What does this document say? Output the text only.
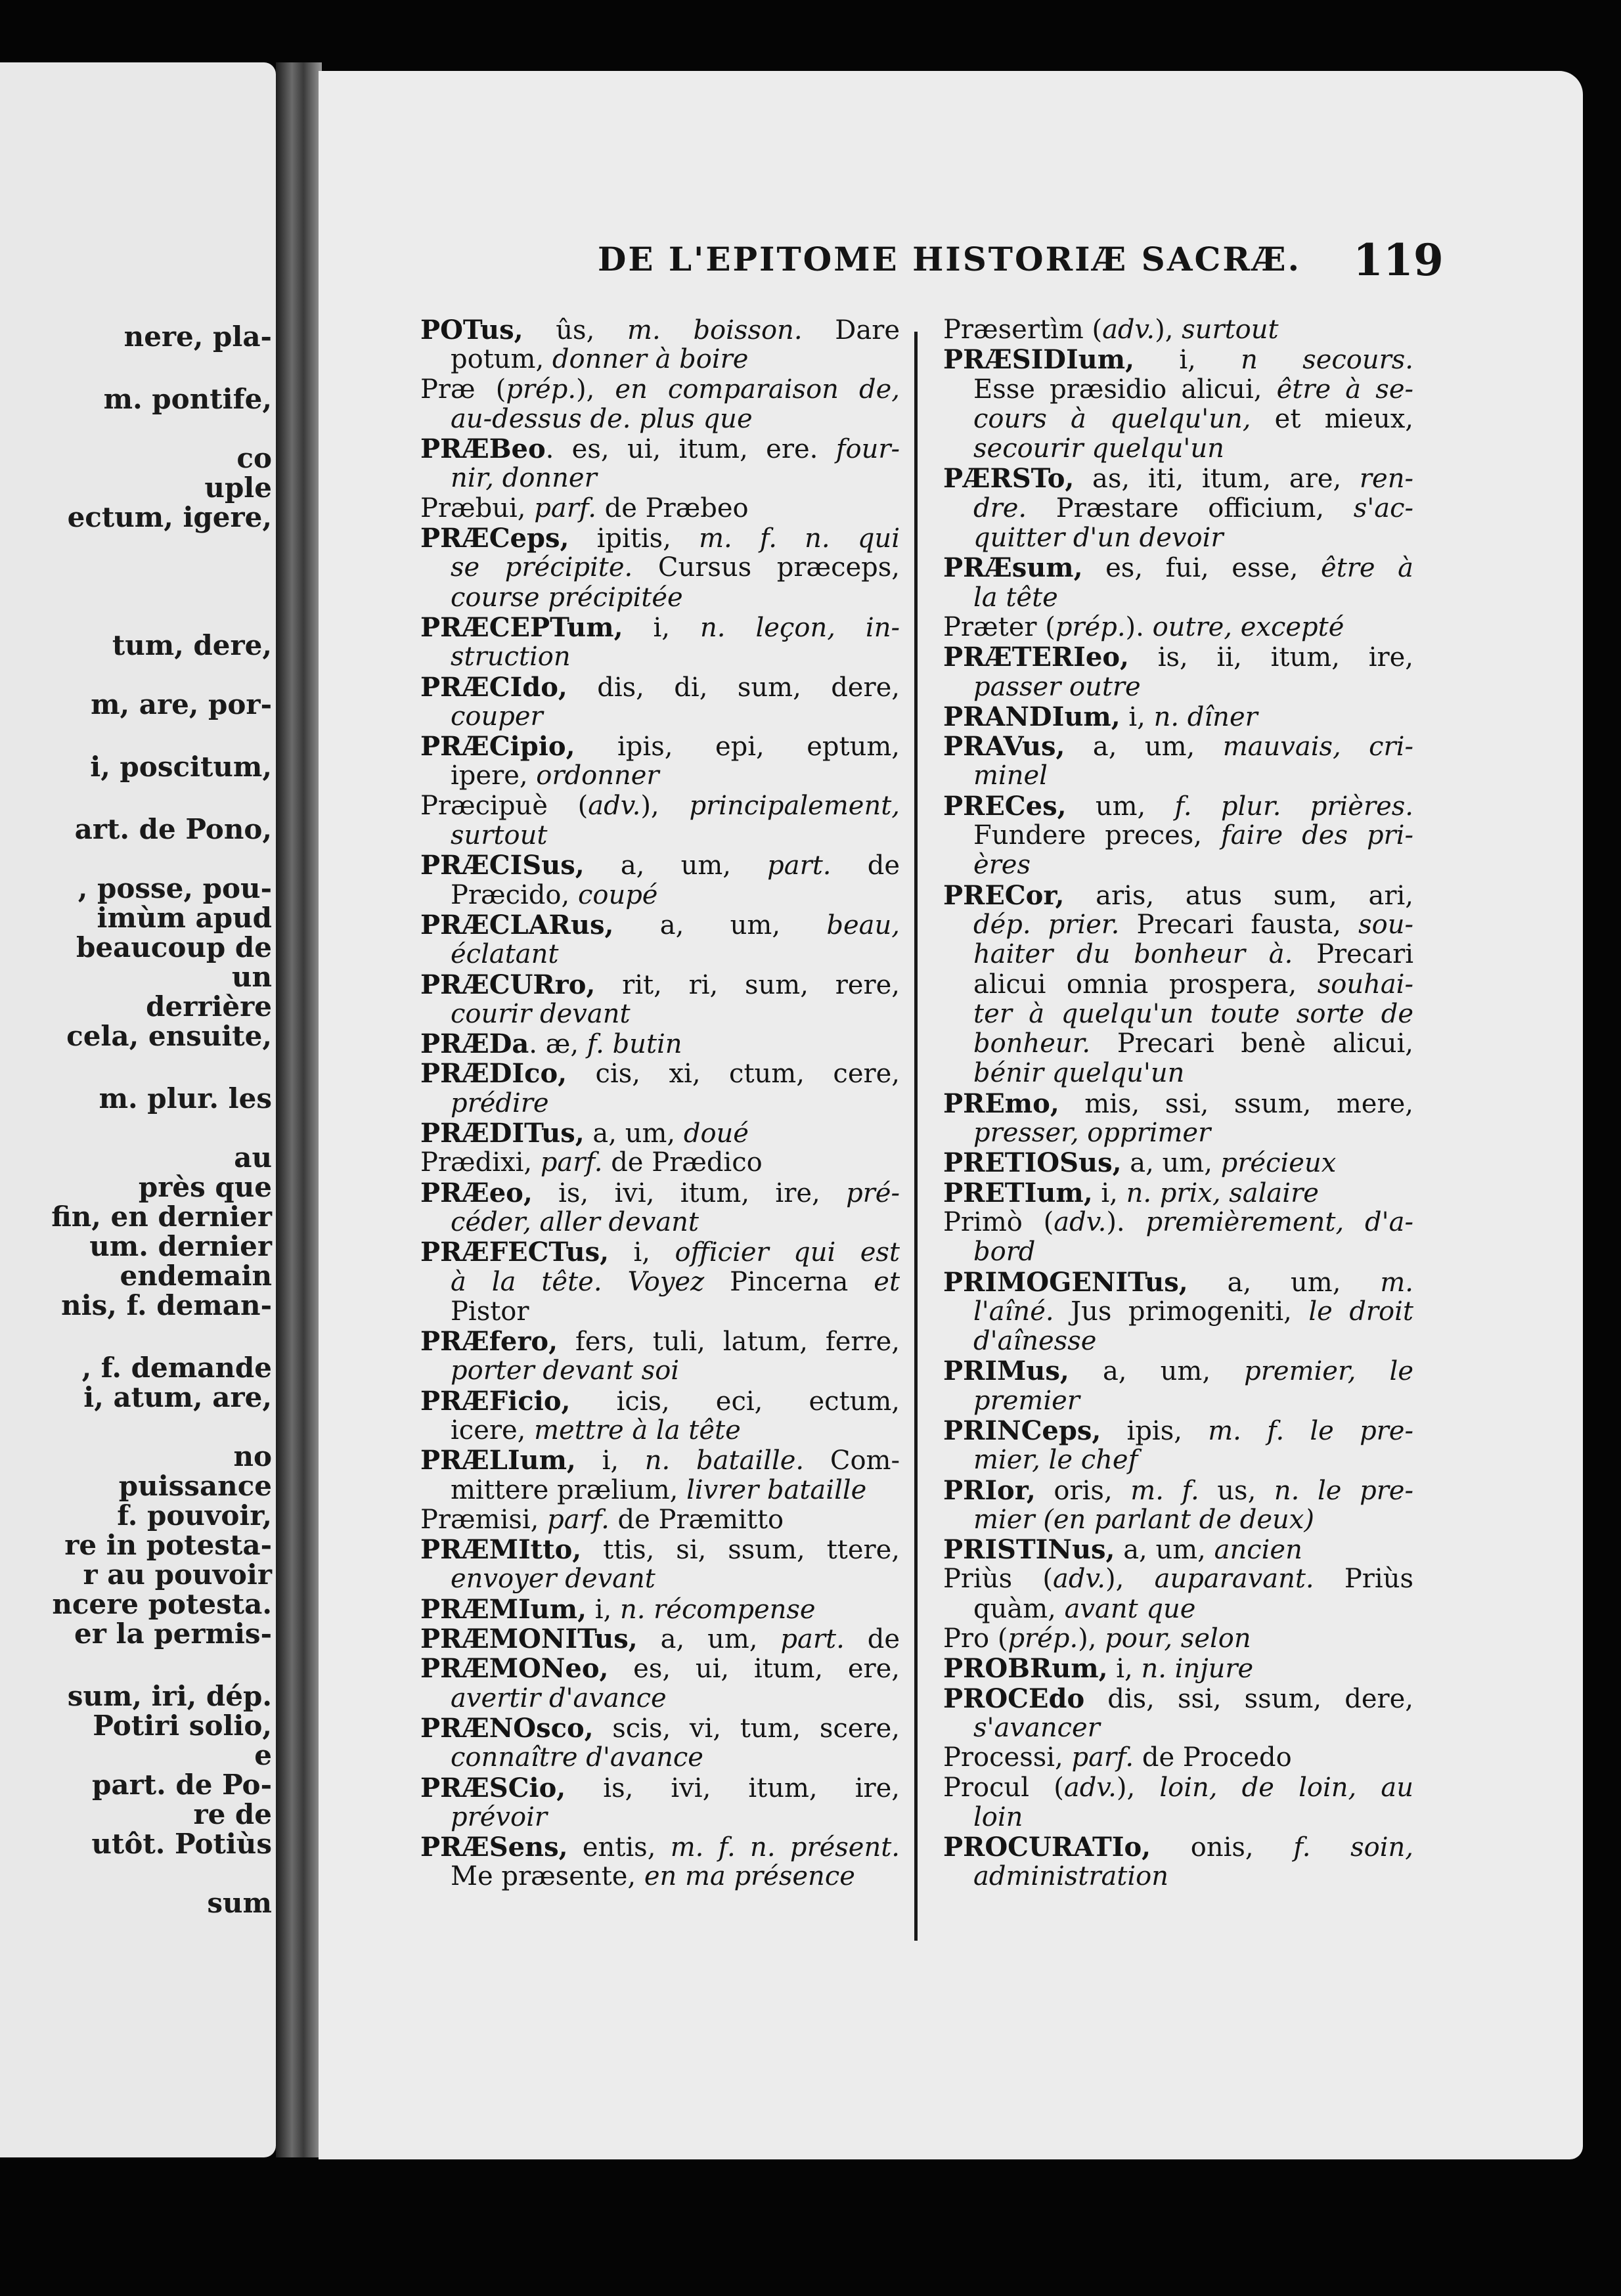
nere, pla-
m. pontife,
co
uple
ectum, igere,
tum, dere,
m, are, por-
i, poscitum,
art. de Pono,
, posse, pou-
imùm apud
beaucoup de
un
derrière
cela, ensuite,
m. plur. les
au
près que
fin, en dernier
um. dernier
endemain
nis, f. deman-
, f. demande
i, atum, are,
no
puissance
f. pouvoir,
re in potesta-
r au pouvoir
ncere potesta.
er la permis-
sum, iri, dép.
Potiri solio,
e
part. de Po-
re de
utôt. Potiùs
sum
DE L'EPITOME HISTORIÆ SACRÆ. 119
POTus, ûs, m. boisson. Dare
potum, donner à boire
Præ (prép.), en comparaison de,
au-dessus de. plus que
PRÆBeo. es, ui, itum, ere. four-
nir, donner
Præbui, parf. de Præbeo
PRÆCeps, ipitis, m. f. n. qui
se précipite. Cursus præceps,
course précipitée
PRÆCEPTum, i, n. leçon, in-
struction
PRÆCIdo, dis, di, sum, dere,
couper
PRÆCipio, ipis, epi, eptum,
ipere, ordonner
Præcipuè (adv.), principalement,
surtout
PRÆCISus, a, um, part. de
Præcido, coupé
PRÆCLARus, a, um, beau,
éclatant
PRÆCURro, rit, ri, sum, rere,
courir devant
PRÆDa. æ, f. butin
PRÆDIco, cis, xi, ctum, cere,
prédire
PRÆDITus, a, um, doué
Prædixi, parf. de Prædico
PRÆeo, is, ivi, itum, ire, pré-
céder, aller devant
PRÆFECTus, i, officier qui est
à la tête. Voyez Pincerna et
Pistor
PRÆfero, fers, tuli, latum, ferre,
porter devant soi
PRÆFicio, icis, eci, ectum,
icere, mettre à la tête
PRÆLIum, i, n. bataille. Com-
mittere prælium, livrer bataille
Præmisi, parf. de Præmitto
PRÆMItto, ttis, si, ssum, ttere,
envoyer devant
PRÆMIum, i, n. récompense
PRÆMONITus, a, um, part. de
PRÆMONeo, es, ui, itum, ere,
avertir d'avance
PRÆNOsco, scis, vi, tum, scere,
connaître d'avance
PRÆSCio, is, ivi, itum, ire,
prévoir
PRÆSens, entis, m. f. n. présent.
Me præsente, en ma présence
Præsertìm (adv.), surtout
PRÆSIDIum, i, n secours.
Esse præsidio alicui, être à se-
cours à quelqu'un, et mieux,
secourir quelqu'un
PÆRSTo, as, iti, itum, are, ren-
dre. Præstare officium, s'ac-
quitter d'un devoir
PRÆsum, es, fui, esse, être à
la tête
Præter (prép.). outre, excepté
PRÆTERIeo, is, ii, itum, ire,
passer outre
PRANDIum, i, n. dîner
PRAVus, a, um, mauvais, cri-
minel
PRECes, um, f. plur. prières.
Fundere preces, faire des pri-
ères
PRECor, aris, atus sum, ari,
dép. prier. Precari fausta, sou-
haiter du bonheur à. Precari
alicui omnia prospera, souhai-
ter à quelqu'un toute sorte de
bonheur. Precari benè alicui,
bénir quelqu'un
PREmo, mis, ssi, ssum, mere,
presser, opprimer
PRETIOSus, a, um, précieux
PRETIum, i, n. prix, salaire
Primò (adv.). premièrement, d'a-
bord
PRIMOGENITus, a, um, m.
l'aîné. Jus primogeniti, le droit
d'aînesse
PRIMus, a, um, premier, le
premier
PRINCeps, ipis, m. f. le pre-
mier, le chef
PRIor, oris, m. f. us, n. le pre-
mier (en parlant de deux)
PRISTINus, a, um, ancien
Priùs (adv.), auparavant. Priùs
quàm, avant que
Pro (prép.), pour, selon
PROBRum, i, n. injure
PROCEdo dis, ssi, ssum, dere,
s'avancer
Processi, parf. de Procedo
Procul (adv.), loin, de loin, au
loin
PROCURATIo, onis, f. soin,
administration
